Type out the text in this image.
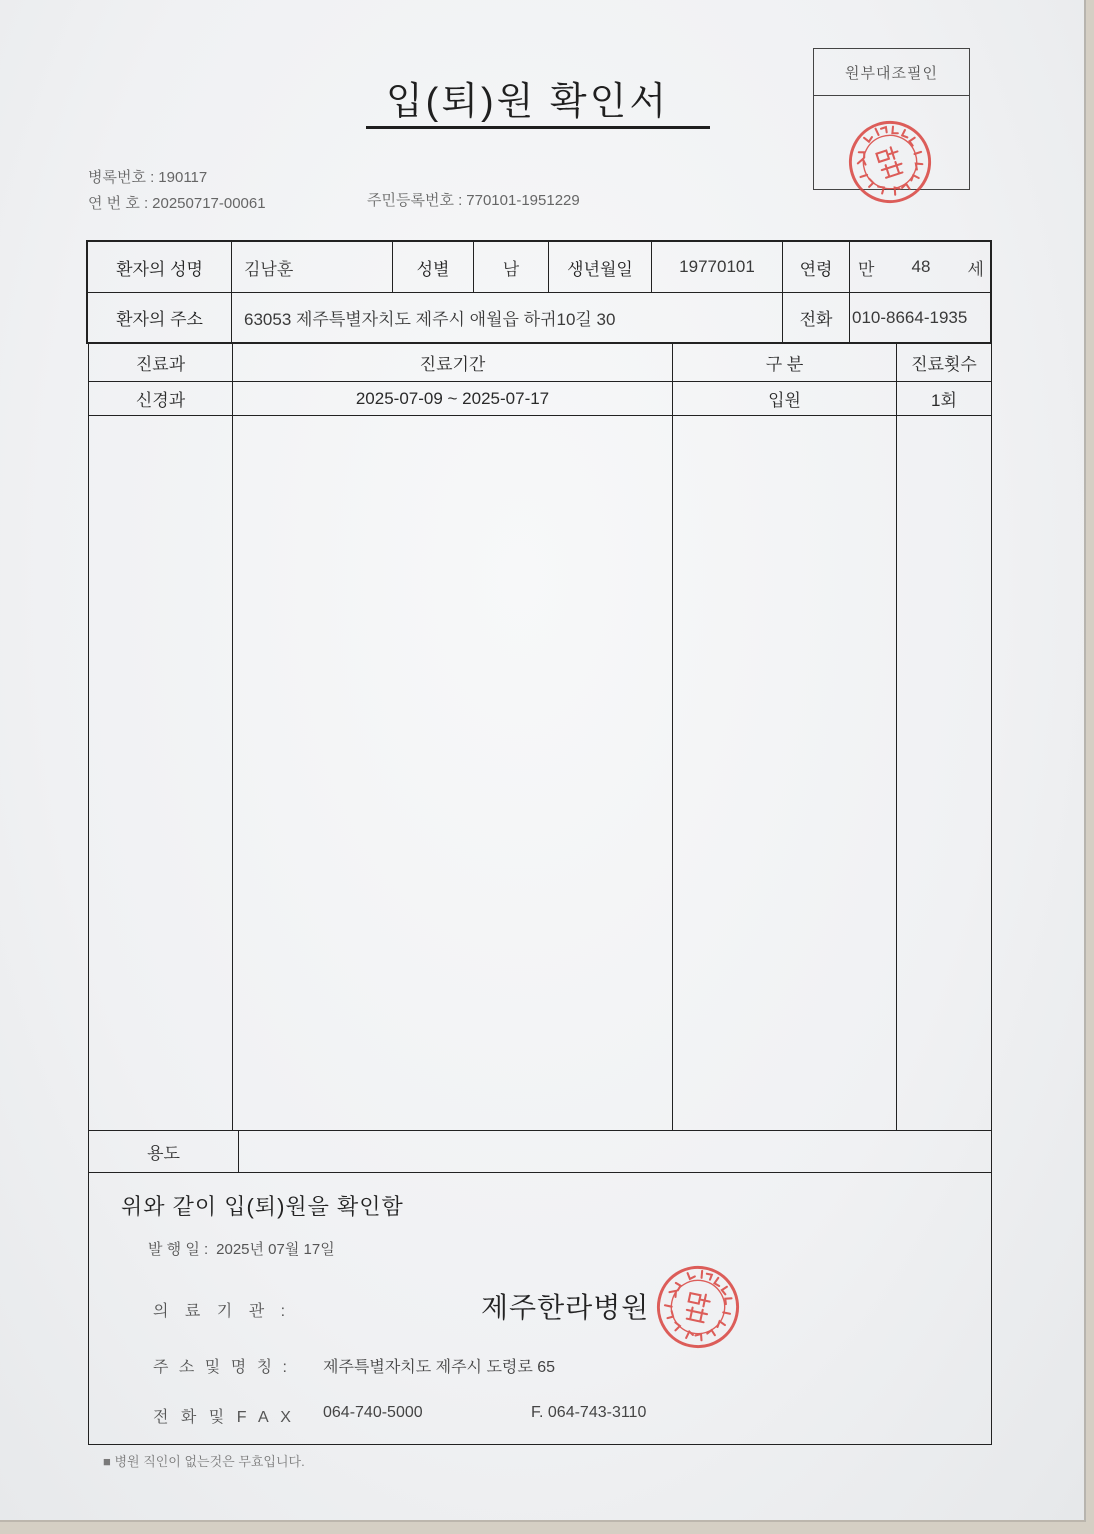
입(퇴)원 확인서
원부대조필인
병록번호 : 190117
연 번 호 : 20250717-00061	주민등록번호 : 770101-1951229
환자의 성명	김남훈	성별	남	생년월일	19770101	연령	만 48 세
환자의 주소	63053 제주특별자치도 제주시 애월읍 하귀10길 30	전화	010-8664-1935
진료과	진료기간	구 분	진료횟수
신경과	2025-07-09 ~ 2025-07-17	입원	1회
용도
위와 같이 입(퇴)원을 확인함
발 행 일 : 2025년 07월 17일
의 료 기 관 :	제주한라병원
주 소 및 명 칭 : 제주특별자치도 제주시 도령로 65
전 화 및 F A X 064-740-5000	F. 064-743-3110
■ 병원 직인이 없는것은 무효입니다.
